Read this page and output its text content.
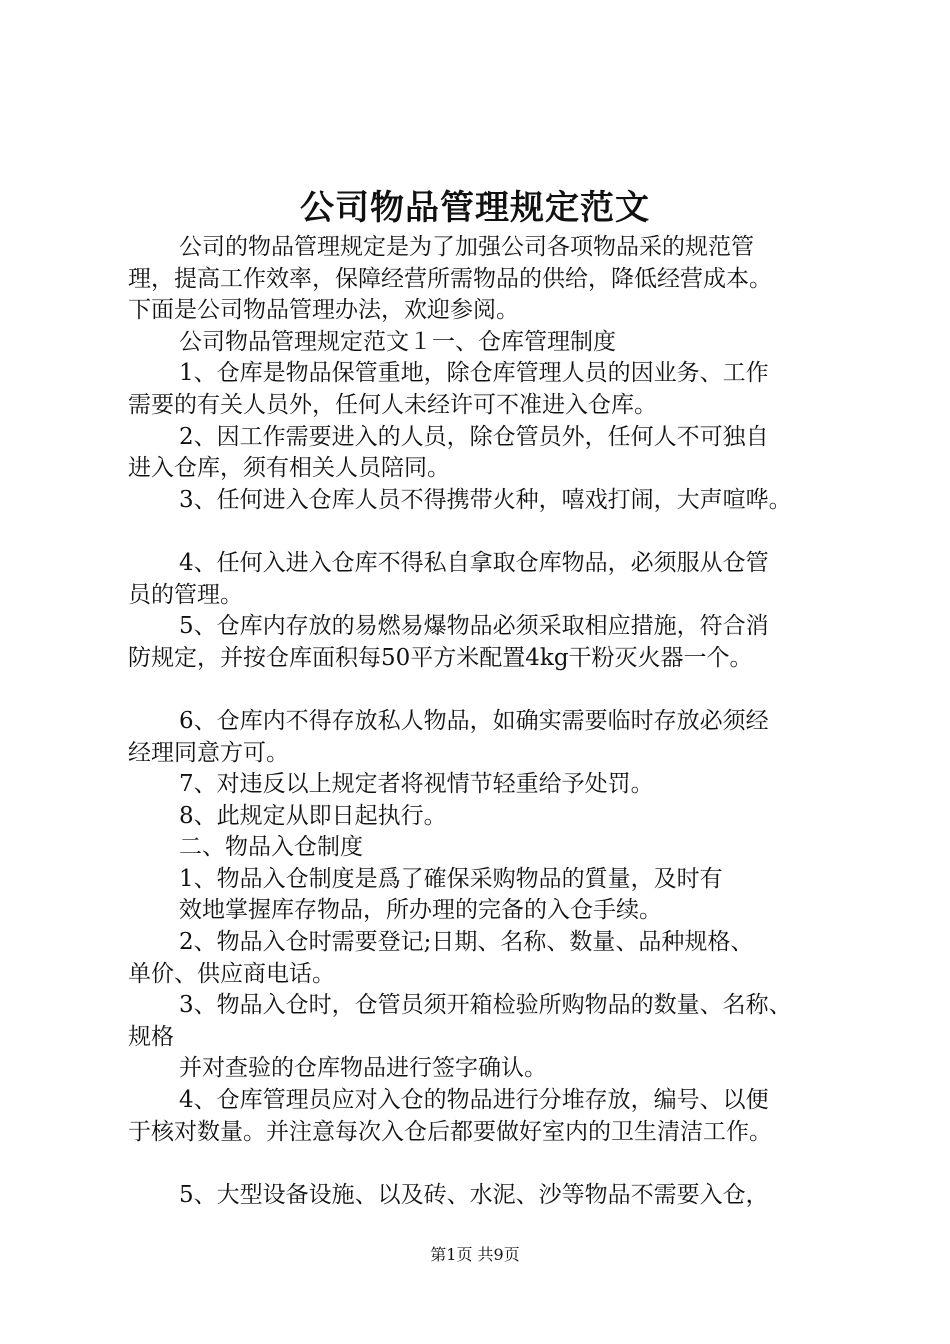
公司物品管理规定范文
公司的物品管理规定是为了加强公司各项物品采的规范管
理，提高工作效率，保障经营所需物品的供给，降低经营成本。
下面是公司物品管理办法，欢迎参阅。
公司物品管理规定范文１一、仓库管理制度
1、仓库是物品保管重地，除仓库管理人员的因业务、工作
需要的有关人员外，任何人未经许可不准进入仓库。
2、因工作需要进入的人员，除仓管员外，任何人不可独自
进入仓库，须有相关人员陪同。
3、任何进入仓库人员不得携带火种，嘻戏打闹，大声喧哗。
4、任何入进入仓库不得私自拿取仓库物品，必须服从仓管
员的管理。
5、仓库内存放的易燃易爆物品必须采取相应措施，符合消
防规定，并按仓库面积每50平方米配置4kg干粉灭火器一个。
6、仓库内不得存放私人物品，如确实需要临时存放必须经
经理同意方可。
7、对违反以上规定者将视情节轻重给予处罚。
8、此规定从即日起执行。
二、物品入仓制度
1、物品入仓制度是爲了確保采购物品的質量，及时有
效地掌握库存物品，所办理的完备的入仓手续。
2、物品入仓时需要登记;日期、名称、数量、品种规格、
单价、供应商电话。
3、物品入仓时，仓管员须开箱检验所购物品的数量、名称、
规格
并对查验的仓库物品进行签字确认。
4、仓库管理员应对入仓的物品进行分堆存放，编号、以便
于核对数量。并注意每次入仓后都要做好室内的卫生清洁工作。
5、大型设备设施、以及砖、水泥、沙等物品不需要入仓，
第1页 共9页
